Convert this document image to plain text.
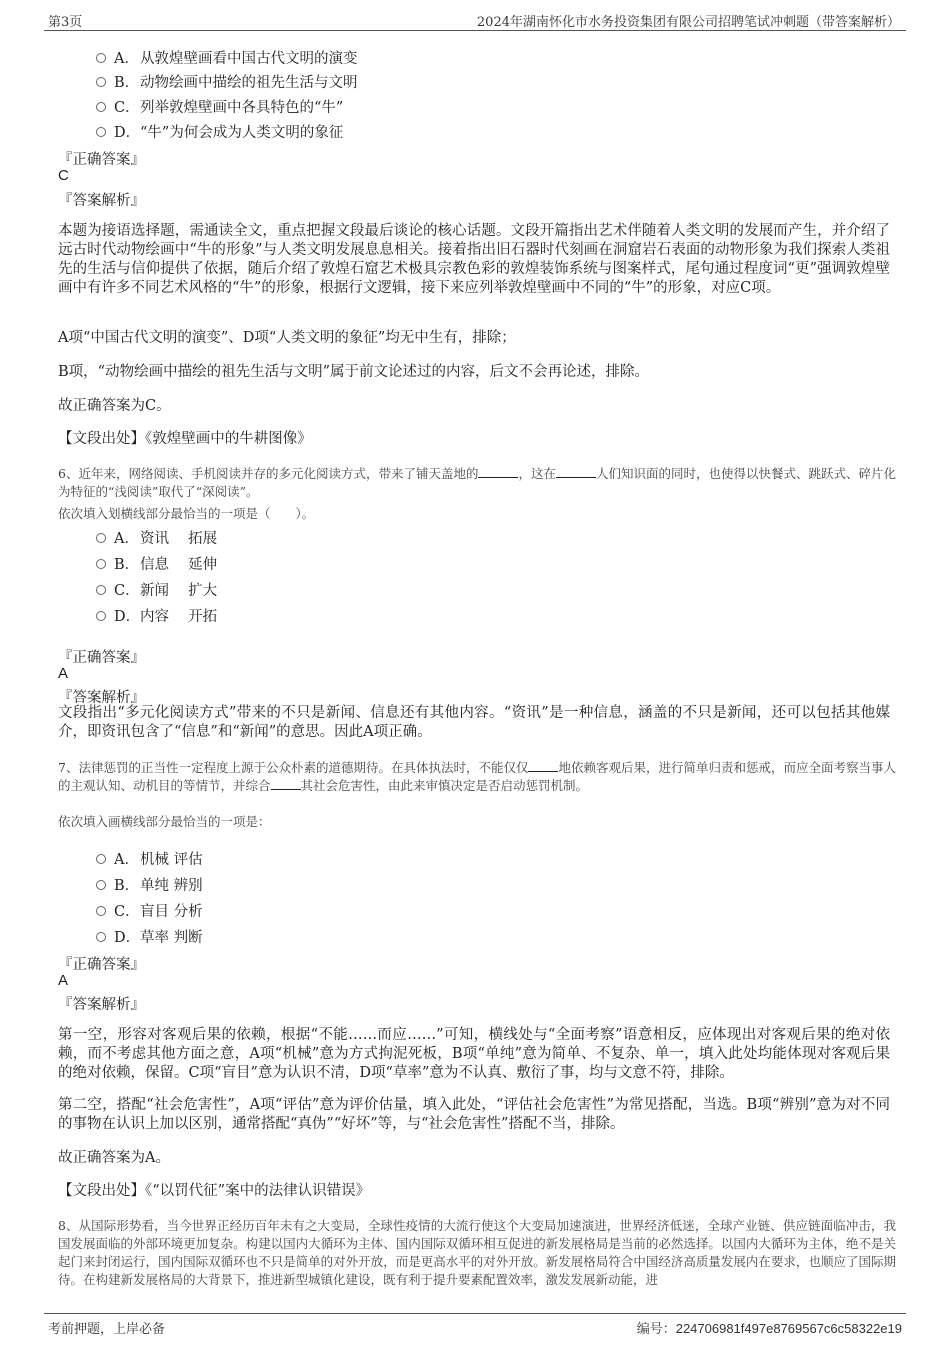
第3页	2024年湖南怀化市水务投资集团有限公司招聘笔试冲刺题（带答案解析）
A．从敦煌壁画看中国古代文明的演变
B．动物绘画中描绘的祖先生活与文明
C．列举敦煌壁画中各具特色的“牛”
D．“牛”为何会成为人类文明的象征
『正确答案』
C
『答案解析』
本题为接语选择题，需通读全文，重点把握文段最后谈论的核心话题。文段开篇指出艺术伴随着人类文明的发展而产生，并介绍了远古时代动物绘画中“牛的形象”与人类文明发展息息相关。接着指出旧石器时代刻画在洞窟岩石表面的动物形象为我们探索人类祖先的生活与信仰提供了依据，随后介绍了敦煌石窟艺术极具宗教色彩的敦煌装饰系统与图案样式，尾句通过程度词“更”强调敦煌壁画中有许多不同艺术风格的“牛”的形象，根据行文逻辑，接下来应列举敦煌壁画中不同的“牛”的形象，对应C项。
A项“中国古代文明的演变”、D项“人类文明的象征”均无中生有，排除；
B项，“动物绘画中描绘的祖先生活与文明”属于前文论述过的内容，后文不会再论述，排除。
故正确答案为C。
【文段出处】《敦煌壁画中的牛耕图像》
6、近年来，网络阅读、手机阅读并存的多元化阅读方式，带来了铺天盖地的	，这在	人们知识面的同时，也使得以快餐式、跳跃式、碎片化为特征的“浅阅读”取代了“深阅读”。
依次填入划横线部分最恰当的一项是（　　）。
A．资讯　 拓展
B．信息　 延伸
C．新闻　 扩大
D．内容　 开拓
『正确答案』
A
『答案解析』
文段指出“多元化阅读方式”带来的不只是新闻、信息还有其他内容。“资讯”是一种信息，涵盖的不只是新闻，还可以包括其他媒介，即资讯包含了“信息”和“新闻”的意思。因此A项正确。
7、法律惩罚的正当性一定程度上源于公众朴素的道德期待。在具体执法时，不能仅仅 地依赖客观后果，进行简单归责和惩戒，而应全面考察当事人的主观认知、动机目的等情节，并综合 其社会危害性，由此来审慎决定是否启动惩罚机制。
依次填入画横线部分最恰当的一项是：
A．机械 评估
B．单纯 辨别
C．盲目 分析
D．草率 判断
『正确答案』
A
『答案解析』
第一空，形容对客观后果的依赖，根据“不能……而应……”可知，横线处与“全面考察”语意相反，应体现出对客观后果的绝对依赖，而不考虑其他方面之意，A项“机械”意为方式拘泥死板，B项“单纯”意为简单、不复杂、单一，填入此处均能体现对客观后果的绝对依赖，保留。C项“盲目”意为认识不清，D项“草率”意为不认真、敷衍了事，均与文意不符，排除。
第二空，搭配“社会危害性”，A项“评估”意为评价估量，填入此处，“评估社会危害性”为常见搭配，当选。B项“辨别”意为对不同的事物在认识上加以区别，通常搭配“真伪”“好坏”等，与“社会危害性”搭配不当，排除。
故正确答案为A。
【文段出处】《“以罚代征”案中的法律认识错误》
8、从国际形势看，当今世界正经历百年未有之大变局，全球性疫情的大流行使这个大变局加速演进，世界经济低迷，全球产业链、供应链面临冲击，我国发展面临的外部环境更加复杂。构建以国内大循环为主体、国内国际双循环相互促进的新发展格局是当前的必然选择。以国内大循环为主体，绝不是关起门来封闭运行，国内国际双循环也不只是简单的对外开放，而是更高水平的对外开放。新发展格局符合中国经济高质量发展内在要求，也顺应了国际期待。在构建新发展格局的大背景下，推进新型城镇化建设，既有利于提升要素配置效率，激发发展新动能，进
考前押题，上岸必备	编号：224706981f497e8769567c6c58322e19
